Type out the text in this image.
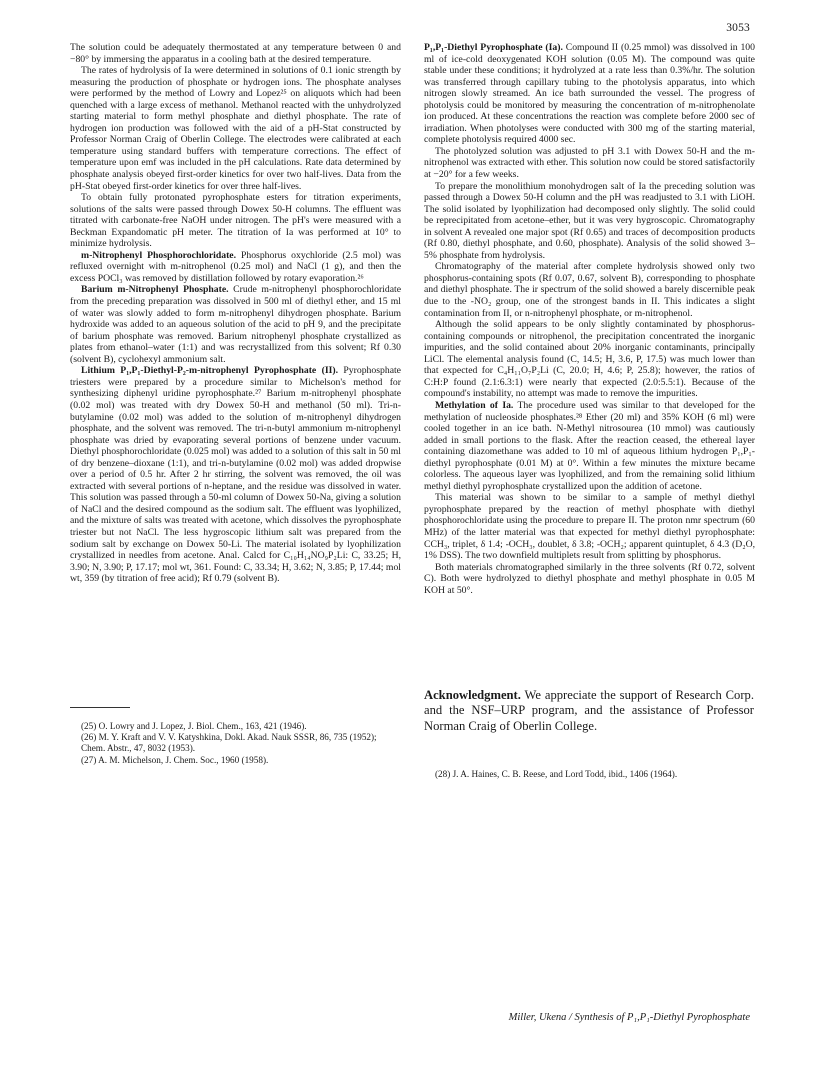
3053

The solution could be adequately thermostated at any temperature between 0 and −80° by immersing the apparatus in a cooling bath at the desired temperature.

The rates of hydrolysis of Ia were determined in solutions of 0.1 ionic strength by measuring the production of phosphate or hydrogen ions. The phosphate analyses were performed by the method of Lowry and Lopez²⁵ on aliquots which had been quenched with a large excess of methanol. Methanol reacted with the unhydrolyzed starting material to form methyl phosphate and diethyl phosphate. The rate of hydrogen ion production was followed with the aid of a pH-Stat constructed by Professor Norman Craig of Oberlin College. The electrodes were calibrated at each temperature using standard buffers with temperature corrections. The effect of temperature upon emf was included in the pH calculations. Rate data determined by phosphate analysis obeyed first-order kinetics for over two half-lives. Data from the pH-Stat obeyed first-order kinetics for over three half-lives.

To obtain fully protonated pyrophosphate esters for titration experiments, solutions of the salts were passed through Dowex 50-H columns. The effluent was titrated with carbonate-free NaOH under nitrogen. The pH's were measured with a Beckman Expandomatic pH meter. The titration of Ia was performed at 10° to minimize hydrolysis.

m-Nitrophenyl Phosphorochloridate. Phosphorus oxychloride (2.5 mol) was refluxed overnight with m-nitrophenol (0.25 mol) and NaCl (1 g), and then the excess POCl₃ was removed by distillation followed by rotary evaporation.²⁶

Barium m-Nitrophenyl Phosphate. Crude m-nitrophenyl phosphorochloridate from the preceding preparation was dissolved in 500 ml of diethyl ether, and 15 ml of water was slowly added to form m-nitrophenyl dihydrogen phosphate. Barium hydroxide was added to an aqueous solution of the acid to pH 9, and the precipitate of barium phosphate was removed. Barium nitrophenyl phosphate crystallized as plates from ethanol–water (1:1) and was recrystallized from this solvent; Rf 0.30 (solvent B), cyclohexyl ammonium salt.

Lithium P₁,P₁-Diethyl-P₂-m-nitrophenyl Pyrophosphate (II). Pyrophosphate triesters were prepared by a procedure similar to Michelson's method for synthesizing diphenyl uridine pyrophosphate.²⁷ Barium m-nitrophenyl phosphate (0.02 mol) was treated with dry Dowex 50-H and methanol (50 ml). Tri-n-butylamine (0.02 mol) was added to the solution of m-nitrophenyl dihydrogen phosphate, and the solvent was removed. The tri-n-butyl ammonium m-nitrophenyl phosphate was dried by evaporating several portions of benzene under vacuum. Diethyl phosphorochloridate (0.025 mol) was added to a solution of this salt in 50 ml of dry benzene–dioxane (1:1), and tri-n-butylamine (0.02 mol) was added dropwise over a period of 0.5 hr. After 2 hr stirring, the solvent was removed, the oil was extracted with several portions of n-heptane, and the residue was dissolved in water. This solution was passed through a 50-ml column of Dowex 50-Na, giving a solution of NaCl and the desired compound as the sodium salt. The effluent was lyophilized, and the mixture of salts was treated with acetone, which dissolves the pyrophosphate triester but not NaCl. The less hygroscopic lithium salt was prepared from the sodium salt by exchange on Dowex 50-Li. The material isolated by lyophilization crystallized in needles from acetone. Anal. Calcd for C₁₀H₁₄NO₉P₂Li: C, 33.25; H, 3.90; N, 3.90; P, 17.17; mol wt, 361. Found: C, 33.34; H, 3.62; N, 3.85; P, 17.44; mol wt, 359 (by titration of free acid); Rf 0.79 (solvent B).

(25) O. Lowry and J. Lopez, J. Biol. Chem., 163, 421 (1946).

(26) M. Y. Kraft and V. V. Katyshkina, Dokl. Akad. Nauk SSSR, 86, 735 (1952); Chem. Abstr., 47, 8032 (1953).

(27) A. M. Michelson, J. Chem. Soc., 1960 (1958).

P₁,P₁-Diethyl Pyrophosphate (Ia). Compound II (0.25 mmol) was dissolved in 100 ml of ice-cold deoxygenated KOH solution (0.05 M). The compound was quite stable under these conditions; it hydrolyzed at a rate less than 0.3%/hr. The solution was transferred through capillary tubing to the photolysis apparatus, into which nitrogen slowly streamed. An ice bath surrounded the vessel. The progress of photolysis could be monitored by measuring the concentration of m-nitrophenolate ion produced. At these concentrations the reaction was complete before 2000 sec of irradiation. When photolyses were conducted with 300 mg of the starting material, complete photolysis required 4000 sec.

The photolyzed solution was adjusted to pH 3.1 with Dowex 50-H and the m-nitrophenol was extracted with ether. This solution now could be stored satisfactorily at −20° for a few weeks.

To prepare the monolithium monohydrogen salt of Ia the preceding solution was passed through a Dowex 50-H column and the pH was readjusted to 3.1 with LiOH. The solid isolated by lyophilization had decomposed only slightly. The solid could be reprecipitated from acetone–ether, but it was very hygroscopic. Chromatography in solvent A revealed one major spot (Rf 0.65) and traces of decomposition products (Rf 0.80, diethyl phosphate, and 0.60, phosphate). Analysis of the solid showed 3–5% phosphate from hydrolysis.

Chromatography of the material after complete hydrolysis showed only two phosphorus-containing spots (Rf 0.07, 0.67, solvent B), corresponding to phosphate and diethyl phosphate. The ir spectrum of the solid showed a barely discernible peak due to the -NO₂ group, one of the strongest bands in II. This indicates a slight contamination from II, or n-nitrophenyl phosphate, or m-nitrophenol.

Although the solid appears to be only slightly contaminated by phosphorus-containing compounds or nitrophenol, the precipitation concentrated the inorganic impurities, and the solid contained about 20% inorganic contaminants, principally LiCl. The elemental analysis found (C, 14.5; H, 3.6, P, 17.5) was much lower than that expected for C₄H₁₁O₇P₂Li (C, 20.0; H, 4.6; P, 25.8); however, the ratios of C:H:P found (2.1:6.3:1) were nearly that expected (2.0:5.5:1). Because of the compound's instability, no attempt was made to remove the impurities.

Methylation of Ia. The procedure used was similar to that developed for the methylation of nucleoside phosphates.²⁸ Ether (20 ml) and 35% KOH (6 ml) were cooled together in an ice bath. N-Methyl nitrosourea (10 mmol) was cautiously added in small portions to the flask. After the reaction ceased, the ethereal layer containing diazomethane was added to 10 ml of aqueous lithium hydrogen P₁,P₁-diethyl pyrophosphate (0.01 M) at 0°. Within a few minutes the mixture became colorless. The aqueous layer was lyophilized, and from the remaining solid lithium methyl diethyl pyrophosphate crystallized upon the addition of acetone.

This material was shown to be similar to a sample of methyl diethyl pyrophosphate prepared by the reaction of methyl phosphate with diethyl phosphorochloridate using the procedure to prepare II. The proton nmr spectrum (60 MHz) of the latter material was that expected for methyl diethyl pyrophosphate: CCH₃, triplet, δ 1.4; -OCH₃, doublet, δ 3.8; -OCH₂; apparent quintuplet, δ 4.3 (D₂O, 1% DSS). The two downfield multiplets result from splitting by phosphorus.

Both materials chromatographed similarly in the three solvents (Rf 0.72, solvent C). Both were hydrolyzed to diethyl phosphate and methyl phosphate in 0.05 M KOH at 50°.

Acknowledgment. We appreciate the support of Research Corp. and the NSF–URP program, and the assistance of Professor Norman Craig of Oberlin College.

(28) J. A. Haines, C. B. Reese, and Lord Todd, ibid., 1406 (1964).

Miller, Ukena / Synthesis of P₁,P₁-Diethyl Pyrophosphate
